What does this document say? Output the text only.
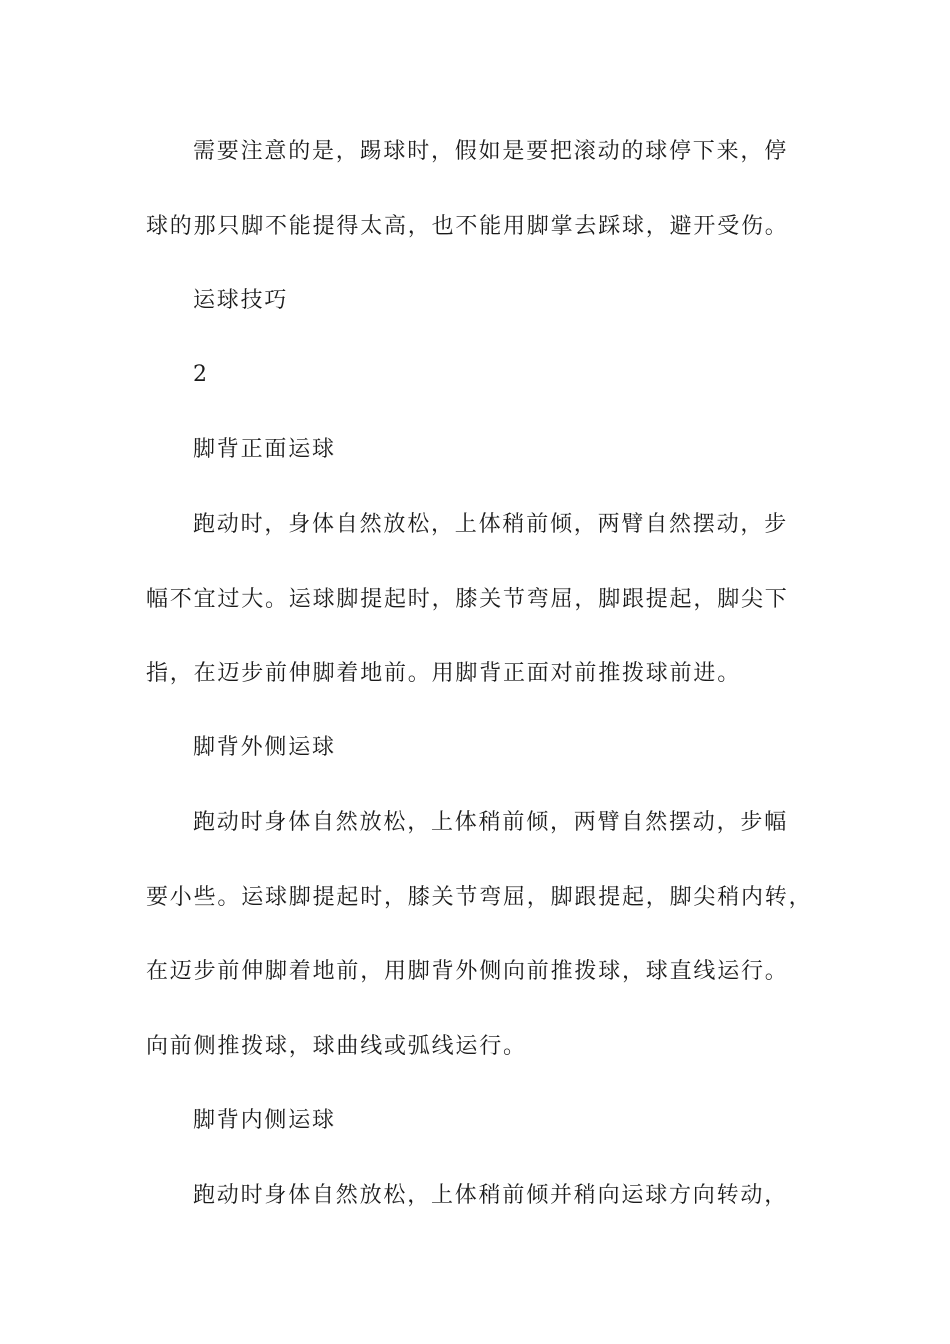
需要注意的是，踢球时，假如是要把滚动的球停下来，停
球的那只脚不能提得太高，也不能用脚掌去踩球，避开受伤。
运球技巧
2
脚背正面运球
跑动时，身体自然放松，上体稍前倾，两臂自然摆动，步
幅不宜过大。运球脚提起时，膝关节弯屈，脚跟提起，脚尖下
指，在迈步前伸脚着地前。用脚背正面对前推拨球前进。
脚背外侧运球
跑动时身体自然放松，上体稍前倾，两臂自然摆动，步幅
要小些。运球脚提起时，膝关节弯屈，脚跟提起，脚尖稍内转，
在迈步前伸脚着地前，用脚背外侧向前推拨球，球直线运行。
向前侧推拨球，球曲线或弧线运行。
脚背内侧运球
跑动时身体自然放松，上体稍前倾并稍向运球方向转动，
